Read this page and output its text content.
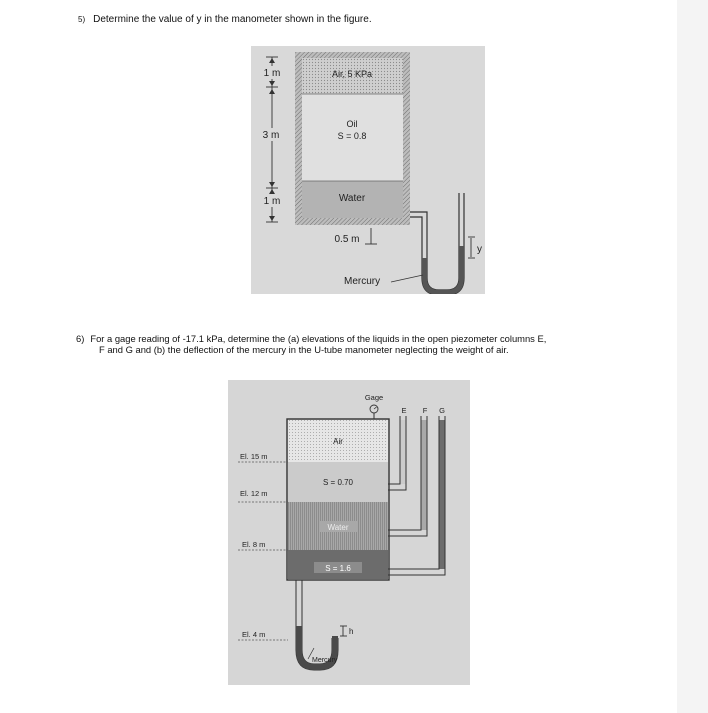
5) Determine the value of y in the manometer shown in the figure.
Air, 5 KPa
Oil
S = 0.8
Water
1 m
3 m
1 m
0.5 m
y
Mercury
6) For a gage reading of -17.1 kPa, determine the (a) elevations of the liquids in the open piezometer columns E,
F and G and (b) the deflection of the mercury in the U-tube manometer neglecting the weight of air.
El. 15 m
El. 12 m
El. 8 m
El. 4 m
Air
S = 0.70
Water
S = 1.6
Gage
E F G
h
Mercury
